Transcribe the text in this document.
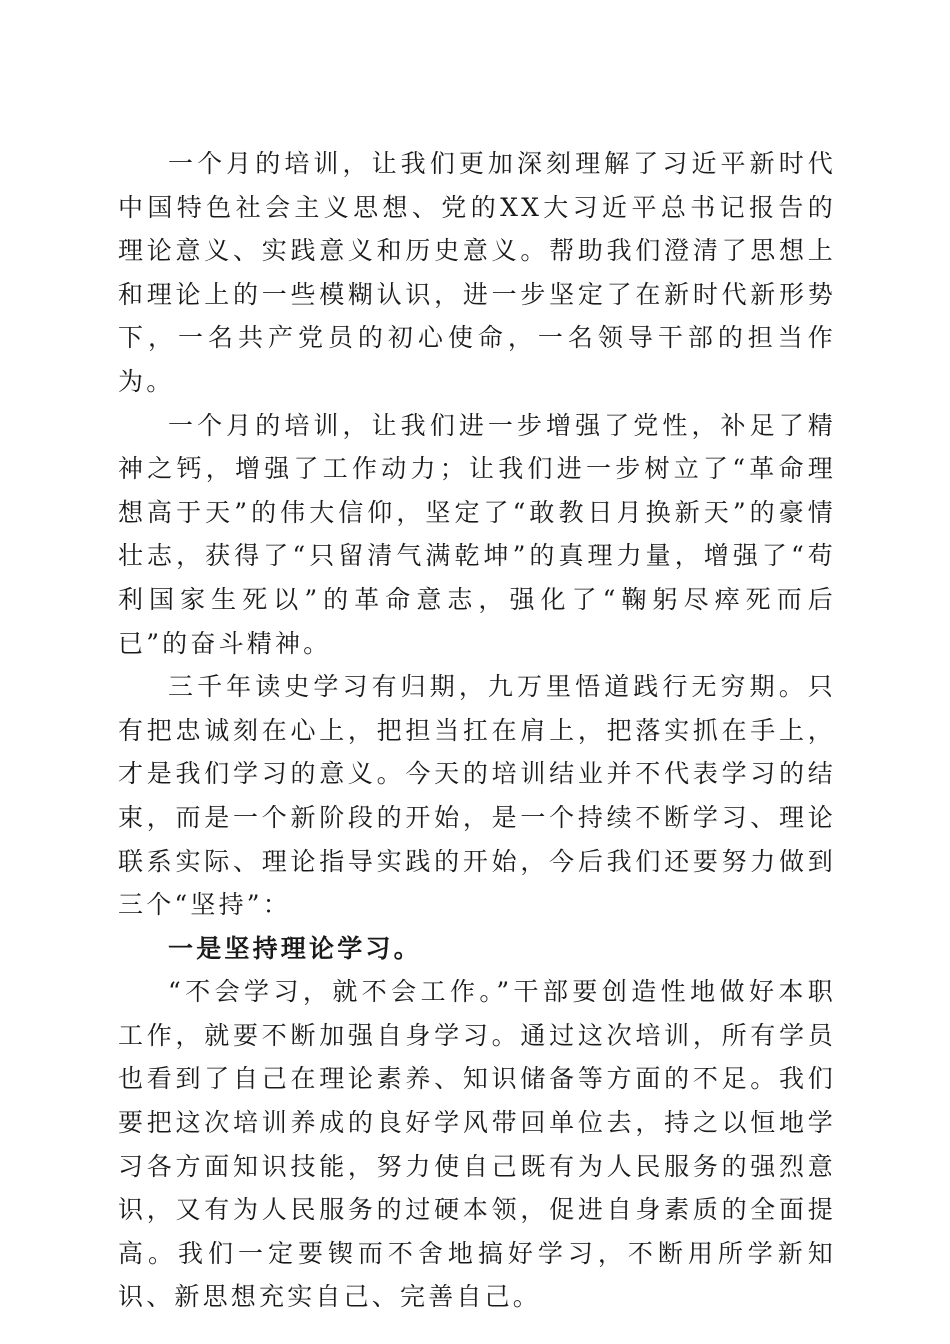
一个月的培训，让我们更加深刻理解了习近平新时代中国特色社会主义思想、党的XX大习近平总书记报告的理论意义、实践意义和历史意义。帮助我们澄清了思想上和理论上的一些模糊认识，进一步坚定了在新时代新形势下，一名共产党员的初心使命，一名领导干部的担当作为。

一个月的培训，让我们进一步增强了党性，补足了精神之钙，增强了工作动力；让我们进一步树立了“革命理想高于天”的伟大信仰，坚定了“敢教日月换新天”的豪情壮志，获得了“只留清气满乾坤”的真理力量，增强了“苟利国家生死以”的革命意志，强化了“鞠躬尽瘁死而后已”的奋斗精神。

三千年读史学习有归期，九万里悟道践行无穷期。只有把忠诚刻在心上，把担当扛在肩上，把落实抓在手上，才是我们学习的意义。今天的培训结业并不代表学习的结束，而是一个新阶段的开始，是一个持续不断学习、理论联系实际、理论指导实践的开始，今后我们还要努力做到三个“坚持”：

一是坚持理论学习。

“不会学习，就不会工作。”干部要创造性地做好本职工作，就要不断加强自身学习。通过这次培训，所有学员也看到了自己在理论素养、知识储备等方面的不足。我们要把这次培训养成的良好学风带回单位去，持之以恒地学习各方面知识技能，努力使自己既有为人民服务的强烈意识，又有为人民服务的过硬本领，促进自身素质的全面提高。我们一定要锲而不舍地搞好学习，不断用所学新知识、新思想充实自己、完善自己。
